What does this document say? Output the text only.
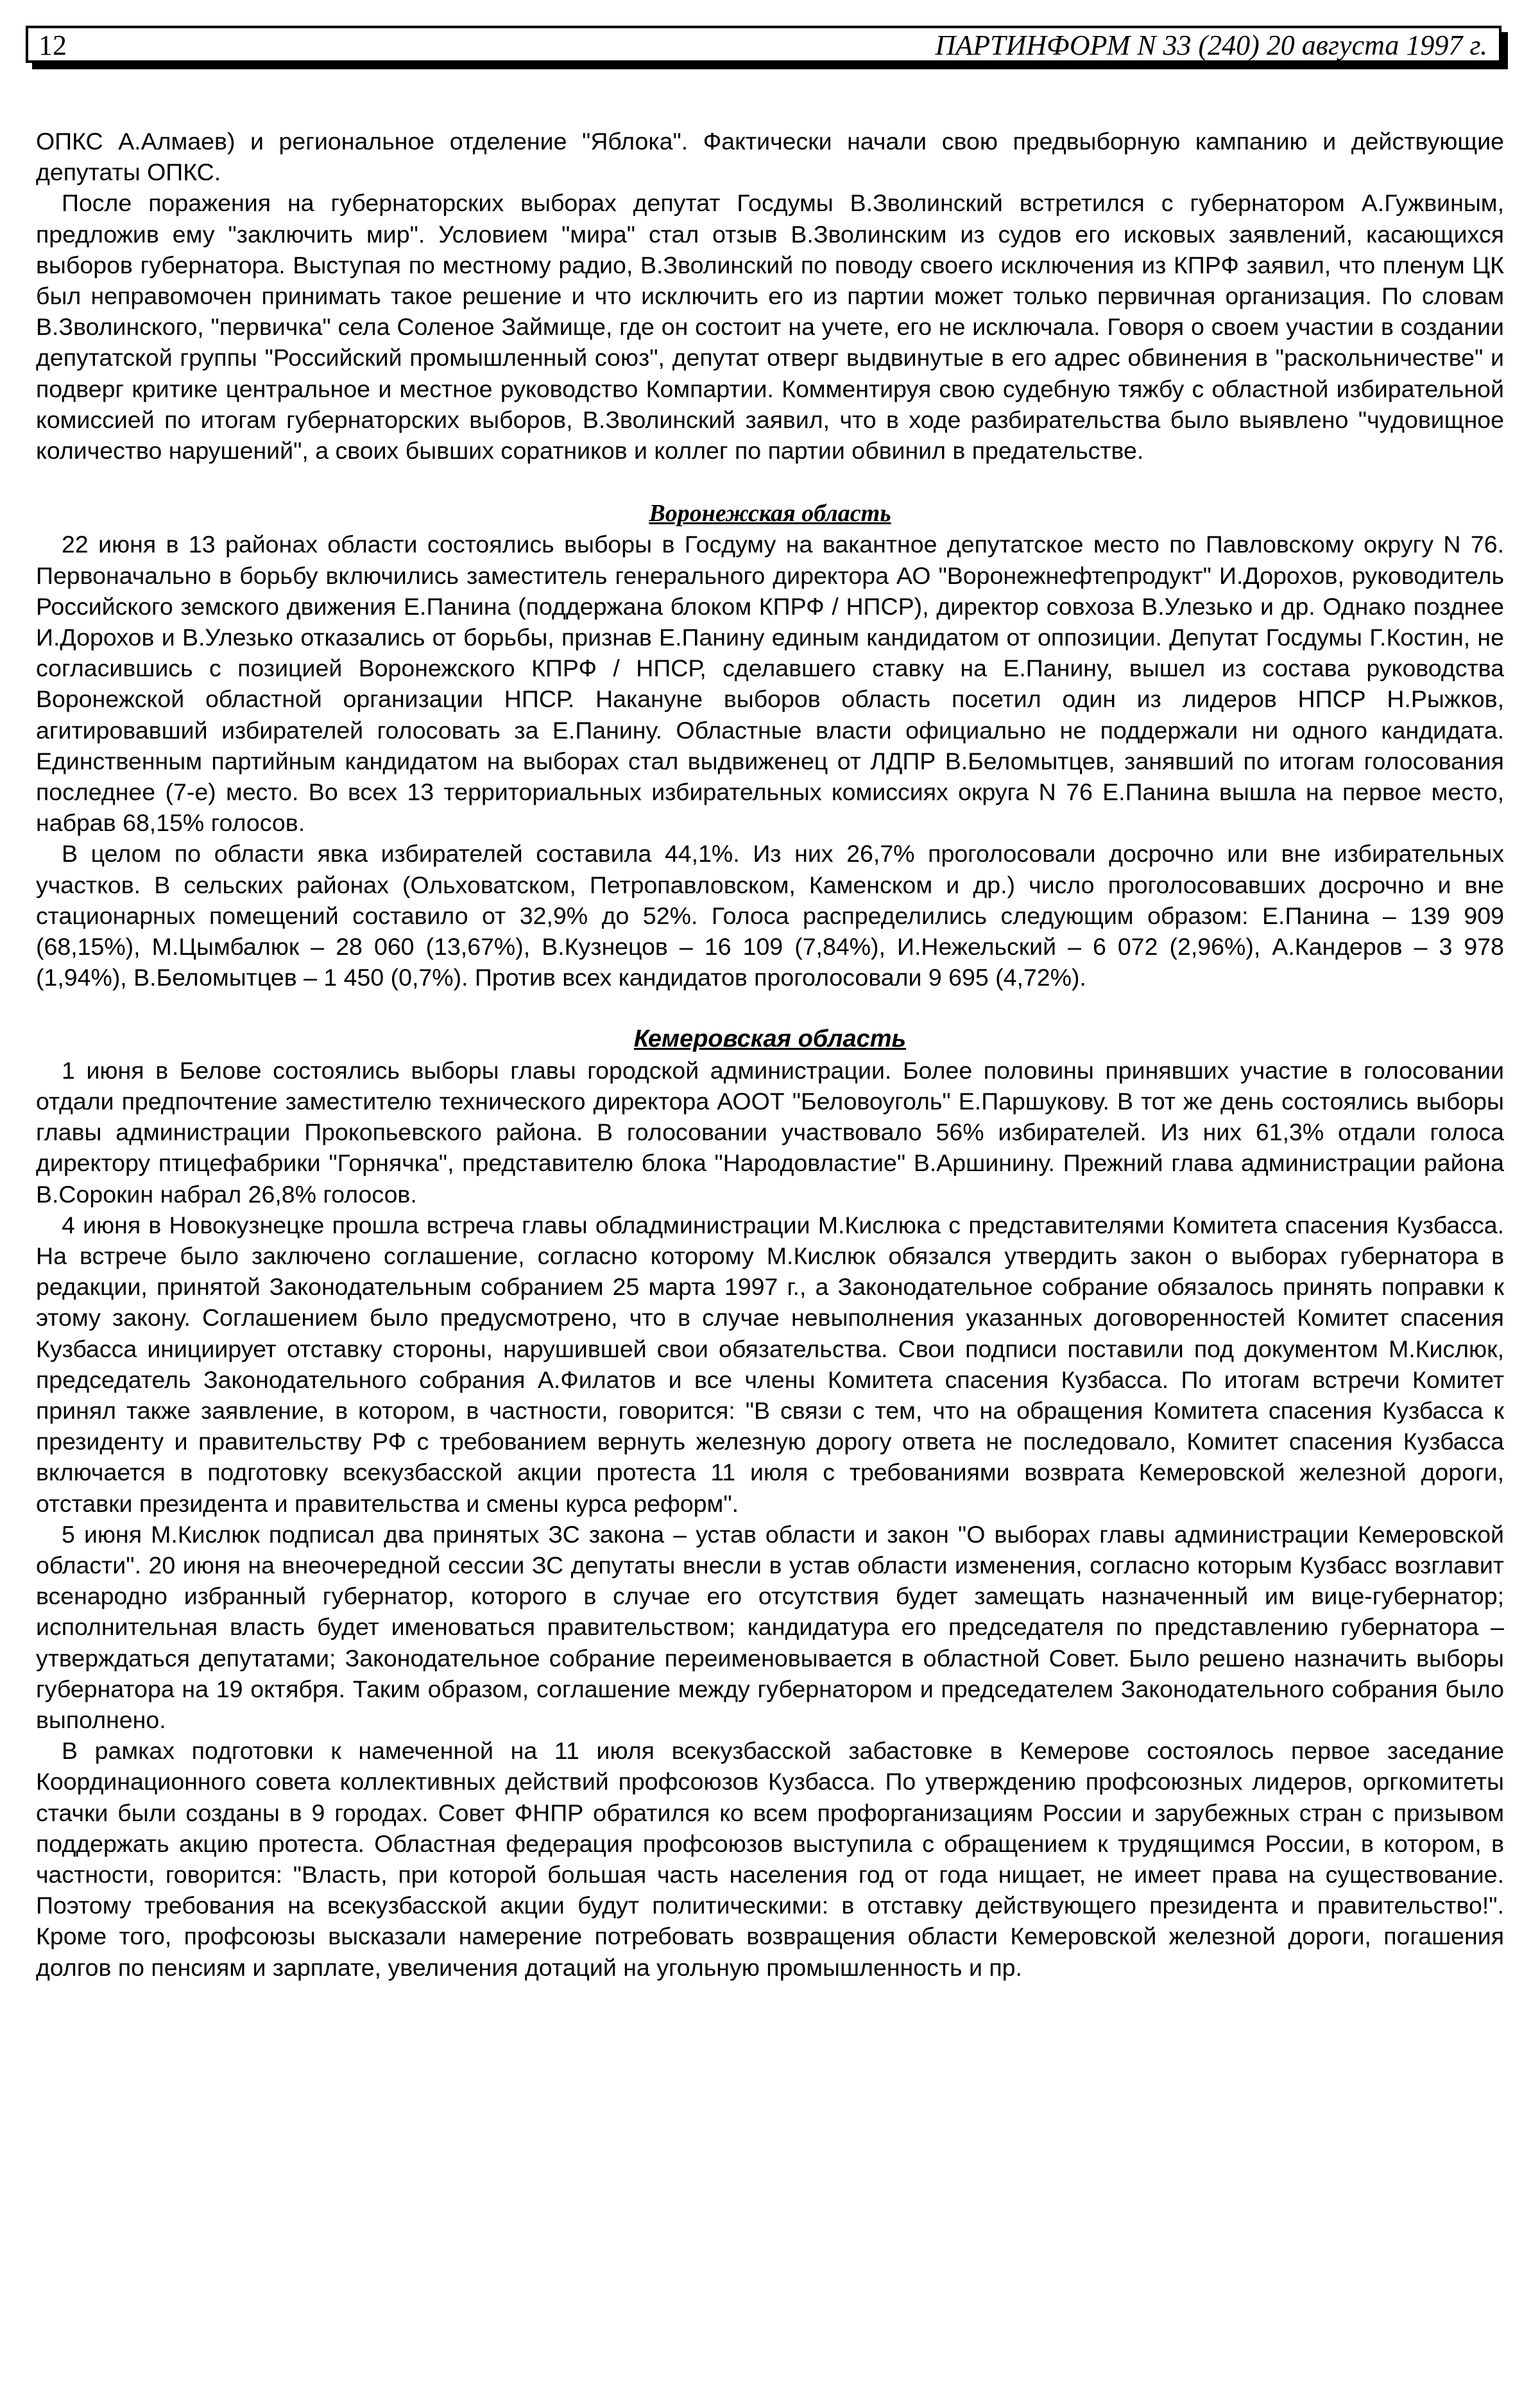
12	ПАРТИНФОРМ N 33 (240) 20 августа 1997 г.

ОПКС А.Алмаев) и региональное отделение "Яблока". Фактически начали свою предвыборную кампанию и действующие депутаты ОПКС.

После поражения на губернаторских выборах депутат Госдумы В.Зволинский встретился с губернатором А.Гужвиным, предложив ему "заключить мир". Условием "мира" стал отзыв В.Зволинским из судов его исковых заявлений, касающихся выборов губернатора. Выступая по местному радио, В.Зволинский по поводу своего исключения из КПРФ заявил, что пленум ЦК был неправомочен принимать такое решение и что исключить его из партии может только первичная организация. По словам В.Зволинского, "первичка" села Соленое Займище, где он состоит на учете, его не исключала. Говоря о своем участии в создании депутатской группы "Российский промышленный союз", депутат отверг выдвинутые в его адрес обвинения в "раскольничестве" и подверг критике центральное и местное руководство Компартии. Комментируя свою судебную тяжбу с областной избирательной комиссией по итогам губернаторских выборов, В.Зволинский заявил, что в ходе разбирательства было выявлено "чудовищное количество нарушений", а своих бывших соратников и коллег по партии обвинил в предательстве.

Воронежская область

22 июня в 13 районах области состоялись выборы в Госдуму на вакантное депутатское место по Павловскому округу N 76. Первоначально в борьбу включились заместитель генерального директора АО "Воронежнефтепродукт" И.Дорохов, руководитель Российского земского движения Е.Панина (поддержана блоком КПРФ / НПСР), директор совхоза В.Улезько и др. Однако позднее И.Дорохов и В.Улезько отказались от борьбы, признав Е.Панину единым кандидатом от оппозиции. Депутат Госдумы Г.Костин, не согласившись с позицией Воронежского КПРФ / НПСР, сделавшего ставку на Е.Панину, вышел из состава руководства Воронежской областной организации НПСР. Накануне выборов область посетил один из лидеров НПСР Н.Рыжков, агитировавший избирателей голосовать за Е.Панину. Областные власти официально не поддержали ни одного кандидата. Единственным партийным кандидатом на выборах стал выдвиженец от ЛДПР В.Беломытцев, занявший по итогам голосования последнее (7-е) место. Во всех 13 территориальных избирательных комиссиях округа N 76 Е.Панина вышла на первое место, набрав 68,15% голосов.

В целом по области явка избирателей составила 44,1%. Из них 26,7% проголосовали досрочно или вне избирательных участков. В сельских районах (Ольховатском, Петропавловском, Каменском и др.) число проголосовавших досрочно и вне стационарных помещений составило от 32,9% до 52%. Голоса распределились следующим образом: Е.Панина – 139 909 (68,15%), М.Цымбалюк – 28 060 (13,67%), В.Кузнецов – 16 109 (7,84%), И.Нежельский – 6 072 (2,96%), А.Кандеров – 3 978 (1,94%), В.Беломытцев – 1 450 (0,7%). Против всех кандидатов проголосовали 9 695 (4,72%).

Кемеровская область

1 июня в Белове состоялись выборы главы городской администрации. Более половины принявших участие в голосовании отдали предпочтение заместителю технического директора АООТ "Беловоуголь" Е.Паршукову. В тот же день состоялись выборы главы администрации Прокопьевского района. В голосовании участвовало 56% избирателей. Из них 61,3% отдали голоса директору птицефабрики "Горнячка", представителю блока "Народовластие" В.Аршинину. Прежний глава администрации района В.Сорокин набрал 26,8% голосов.

4 июня в Новокузнецке прошла встреча главы обладминистрации М.Кислюка с представителями Комитета спасения Кузбасса. На встрече было заключено соглашение, согласно которому М.Кислюк обязался утвердить закон о выборах губернатора в редакции, принятой Законодательным собранием 25 марта 1997 г., а Законодательное собрание обязалось принять поправки к этому закону. Соглашением было предусмотрено, что в случае невыполнения указанных договоренностей Комитет спасения Кузбасса инициирует отставку стороны, нарушившей свои обязательства. Свои подписи поставили под документом М.Кислюк, председатель Законодательного собрания А.Филатов и все члены Комитета спасения Кузбасса. По итогам встречи Комитет принял также заявление, в котором, в частности, говорится: "В связи с тем, что на обращения Комитета спасения Кузбасса к президенту и правительству РФ с требованием вернуть железную дорогу ответа не последовало, Комитет спасения Кузбасса включается в подготовку всекузбасской акции протеста 11 июля с требованиями возврата Кемеровской железной дороги, отставки президента и правительства и смены курса реформ".

5 июня М.Кислюк подписал два принятых ЗС закона – устав области и закон "О выборах главы администрации Кемеровской области". 20 июня на внеочередной сессии ЗС депутаты внесли в устав области изменения, согласно которым Кузбасс возглавит всенародно избранный губернатор, которого в случае его отсутствия будет замещать назначенный им вице-губернатор; исполнительная власть будет именоваться правительством; кандидатура его председателя по представлению губернатора – утверждаться депутатами; Законодательное собрание переименовывается в областной Совет. Было решено назначить выборы губернатора на 19 октября. Таким образом, соглашение между губернатором и председателем Законодательного собрания было выполнено.

В рамках подготовки к намеченной на 11 июля всекузбасской забастовке в Кемерове состоялось первое заседание Координационного совета коллективных действий профсоюзов Кузбасса. По утверждению профсоюзных лидеров, оргкомитеты стачки были созданы в 9 городах. Совет ФНПР обратился ко всем профорганизациям России и зарубежных стран с призывом поддержать акцию протеста. Областная федерация профсоюзов выступила с обращением к трудящимся России, в котором, в частности, говорится: "Власть, при которой большая часть населения год от года нищает, не имеет права на существование. Поэтому требования на всекузбасской акции будут политическими: в отставку действующего президента и правительство!". Кроме того, профсоюзы высказали намерение потребовать возвращения области Кемеровской железной дороги, погашения долгов по пенсиям и зарплате, увеличения дотаций на угольную промышленность и пр.
